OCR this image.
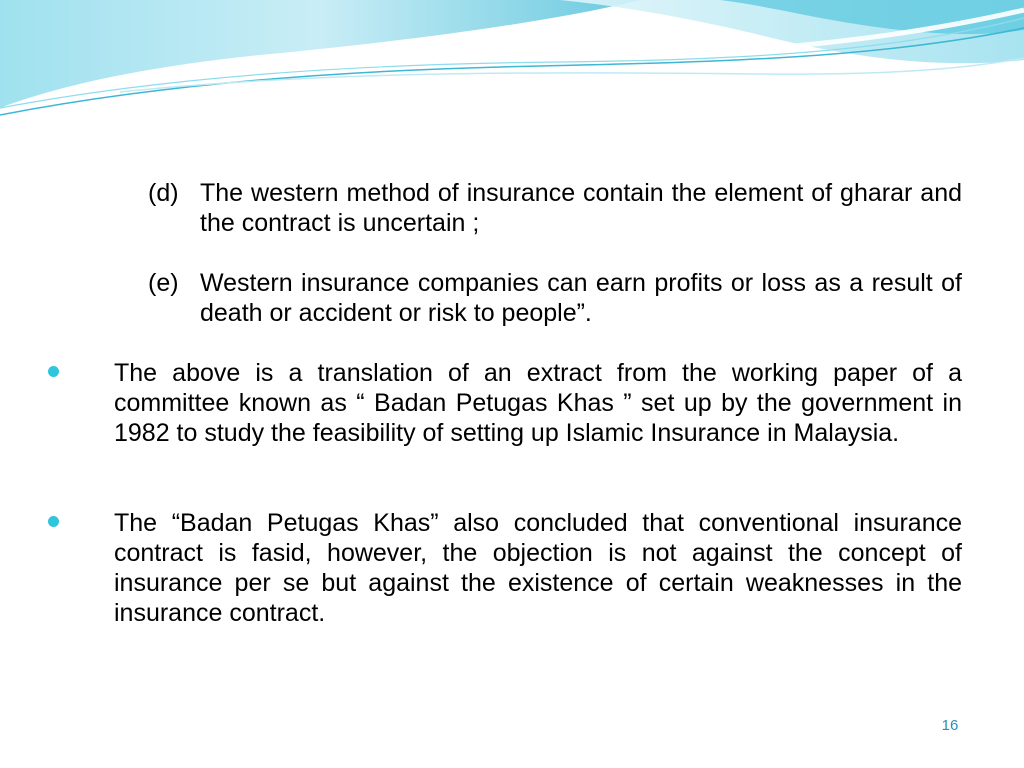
(d) The western method of insurance contain the element of gharar and the contract is uncertain ;
(e) Western insurance companies can earn profits or loss as a result of death or accident or risk to people”.
The above is a translation of an extract from the working paper of a committee known as “ Badan Petugas Khas ” set up by the government in 1982 to study the feasibility of setting up Islamic Insurance in Malaysia.
The “Badan Petugas Khas” also concluded that conventional insurance contract is fasid, however, the objection is not against the concept of insurance per se but against the existence of certain weaknesses in the insurance contract.
16
